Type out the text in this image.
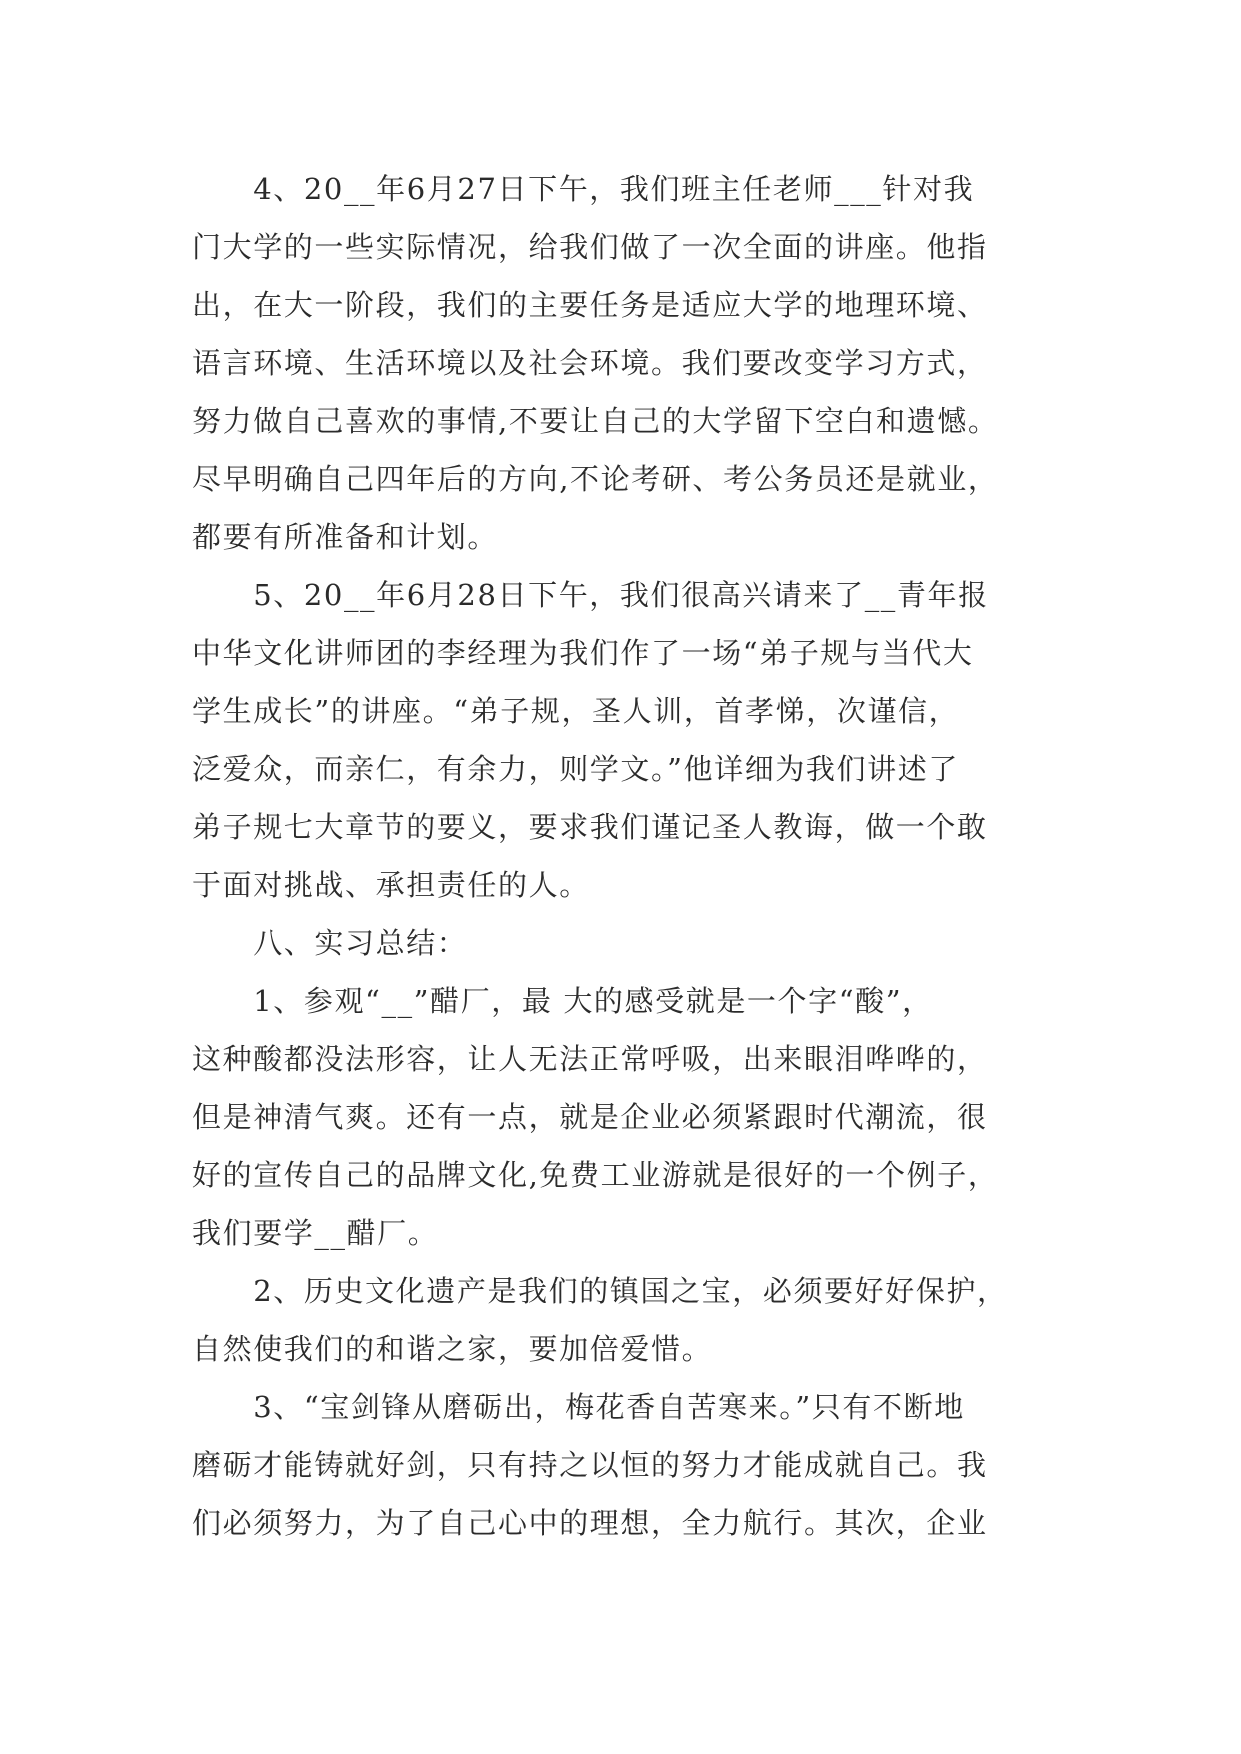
　　4、20__年6月27日下午，我们班主任老师___针对我
门大学的一些实际情况，给我们做了一次全面的讲座。他指
出，在大一阶段，我们的主要任务是适应大学的地理环境、
语言环境、生活环境以及社会环境。我们要改变学习方式，
努力做自己喜欢的事情,不要让自己的大学留下空白和遗憾。
尽早明确自己四年后的方向,不论考研、考公务员还是就业，
都要有所准备和计划。
　　5、20__年6月28日下午，我们很高兴请来了__青年报
中华文化讲师团的李经理为我们作了一场“弟子规与当代大
学生成长”的讲座。“弟子规，圣人训，首孝悌，次谨信，
泛爱众，而亲仁，有余力，则学文。”他详细为我们讲述了
弟子规七大章节的要义，要求我们谨记圣人教诲，做一个敢
于面对挑战、承担责任的人。
　　八、实习总结：
　　1、参观“__”醋厂，最 大的感受就是一个字“酸”，
这种酸都没法形容，让人无法正常呼吸，出来眼泪哗哗的，
但是神清气爽。还有一点，就是企业必须紧跟时代潮流，很
好的宣传自己的品牌文化,免费工业游就是很好的一个例子，
我们要学__醋厂。
　　2、历史文化遗产是我们的镇国之宝，必须要好好保护，
自然使我们的和谐之家，要加倍爱惜。
　　3、“宝剑锋从磨砺出，梅花香自苦寒来。”只有不断地
磨砺才能铸就好剑，只有持之以恒的努力才能成就自己。我
们必须努力，为了自己心中的理想，全力航行。其次，企业
